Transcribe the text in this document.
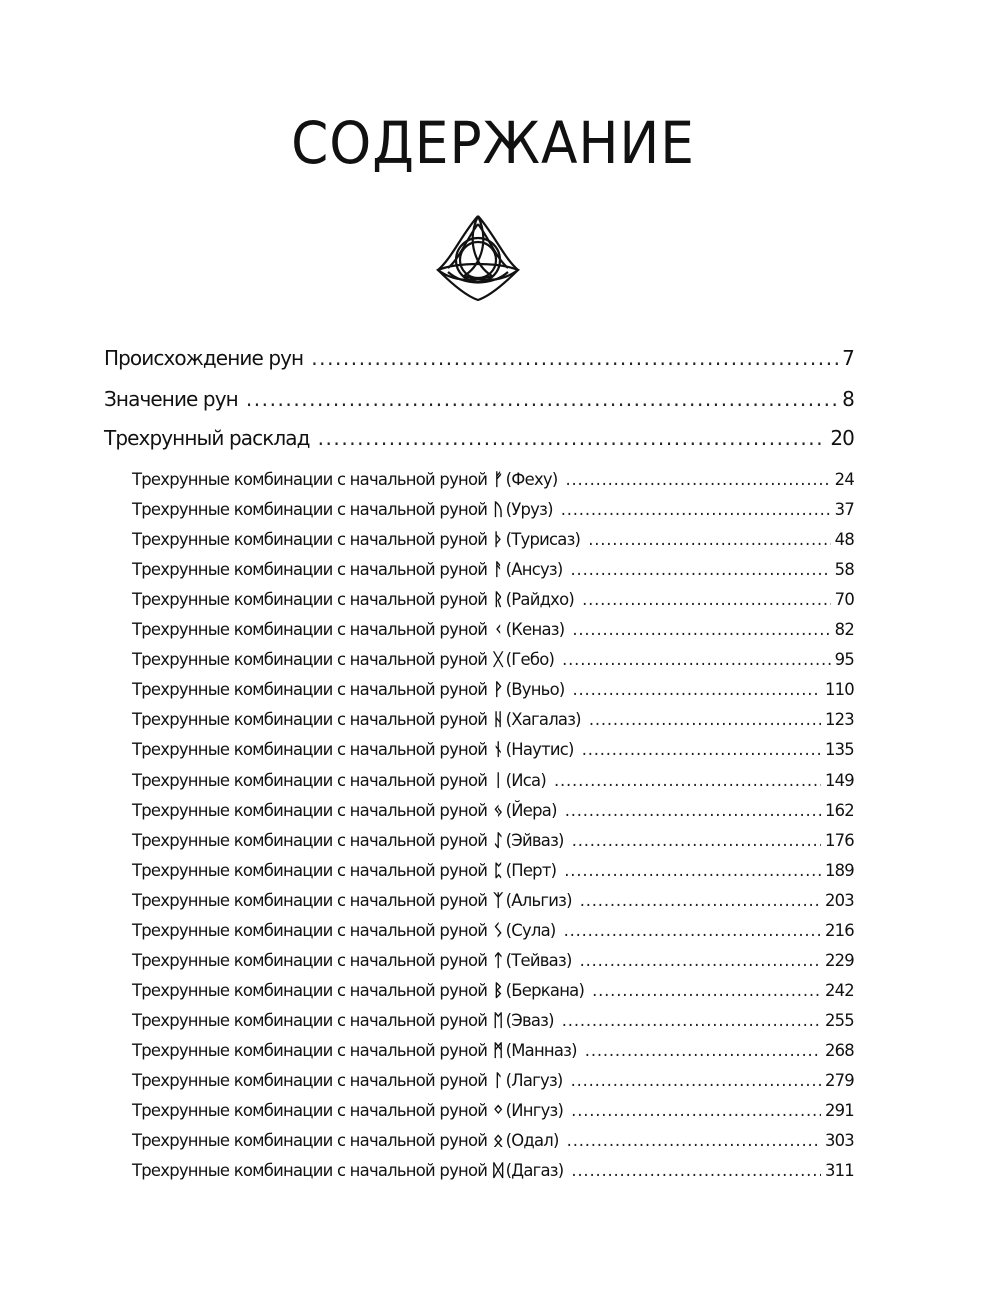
СОДЕРЖАНИЕ
Происхождение рун . . .	7
Значение рун . . .	8
Трехрунный расклад . . .	20
Трехрунные комбинации с начальной руной ᚠ (Феху) . . .	24
Трехрунные комбинации с начальной руной ᚢ (Уруз) . . .	37
Трехрунные комбинации с начальной руной ᚦ (Турисаз) . . .	48
Трехрунные комбинации с начальной руной ᚨ (Ансуз) . . .	58
Трехрунные комбинации с начальной руной ᚱ (Райдхо) . . .	70
Трехрунные комбинации с начальной руной ᚲ (Кеназ) . . .	82
Трехрунные комбинации с начальной руной ᚷ (Гебо) . . .	95
Трехрунные комбинации с начальной руной ᚹ (Вуньо) . . .	110
Трехрунные комбинации с начальной руной ᚺ (Хагалаз) . . .	123
Трехрунные комбинации с начальной руной ᚾ (Наутис) . . .	135
Трехрунные комбинации с начальной руной ᛁ (Иса) . . .	149
Трехрунные комбинации с начальной руной ᛃ (Йера) . . .	162
Трехрунные комбинации с начальной руной ᛇ (Эйваз) . . .	176
Трехрунные комбинации с начальной руной ᛈ (Перт) . . .	189
Трехрунные комбинации с начальной руной ᛉ (Альгиз) . . .	203
Трехрунные комбинации с начальной руной ᛊ (Сула) . . .	216
Трехрунные комбинации с начальной руной ᛏ (Тейваз) . . .	229
Трехрунные комбинации с начальной руной ᛒ (Беркана) . . .	242
Трехрунные комбинации с начальной руной ᛖ (Эваз) . . .	255
Трехрунные комбинации с начальной руной ᛗ (Манназ) . . .	268
Трехрунные комбинации с начальной руной ᛚ (Лагуз) . . .	279
Трехрунные комбинации с начальной руной ᛜ (Ингуз) . . .	291
Трехрунные комбинации с начальной руной ᛟ (Одал) . . .	303
Трехрунные комбинации с начальной руной ᛞ (Дагаз) . . .	311
